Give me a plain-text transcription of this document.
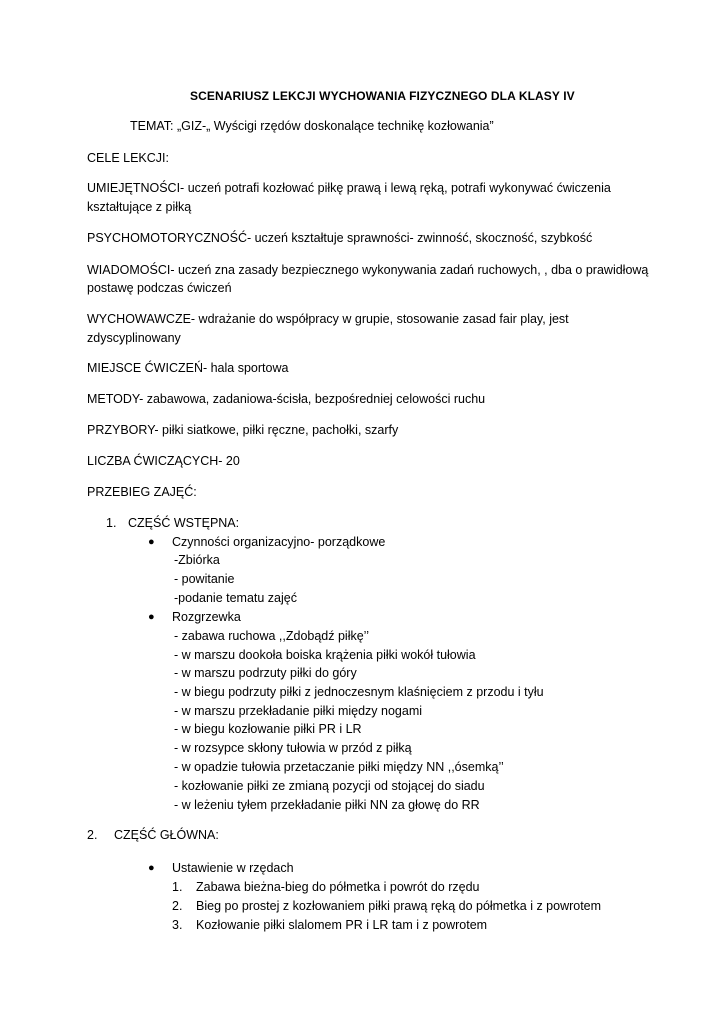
SCENARIUSZ LEKCJI WYCHOWANIA FIZYCZNEGO DLA KLASY IV
TEMAT: „GIZ-„ Wyścigi rzędów doskonalące technikę kozłowania”
CELE LEKCJI:
UMIEJĘTNOŚCI- uczeń potrafi kozłować piłkę prawą i lewą ręką, potrafi wykonywać ćwiczenia
kształtujące z piłką
PSYCHOMOTORYCZNOŚĆ- uczeń kształtuje sprawności- zwinność, skoczność, szybkość
WIADOMOŚCI- uczeń zna zasady bezpiecznego wykonywania zadań ruchowych, , dba o prawidłową
postawę podczas ćwiczeń
WYCHOWAWCZE- wdrażanie do współpracy w grupie, stosowanie zasad fair play, jest
zdyscyplinowany
MIEJSCE ĆWICZEŃ- hala sportowa
METODY- zabawowa, zadaniowa-ścisła, bezpośredniej celowości ruchu
PRZYBORY- piłki siatkowe, piłki ręczne, pachołki, szarfy
LICZBA ĆWICZĄCYCH- 20
PRZEBIEG ZAJĘĆ:
1. CZĘŚĆ WSTĘPNA:
● Czynności organizacyjno- porządkowe
-Zbiórka
- powitanie
-podanie tematu zajęć
● Rozgrzewka
- zabawa ruchowa ,,Zdobądź piłkę’’
- w marszu dookoła boiska krążenia piłki wokół tułowia
- w marszu podrzuty piłki do góry
- w biegu podrzuty piłki z jednoczesnym klaśnięciem z przodu i tyłu
- w marszu przekładanie piłki między nogami
- w biegu kozłowanie piłki PR i LR
- w rozsypce skłony tułowia w przód z piłką
- w opadzie tułowia przetaczanie piłki między NN ,,ósemką’’
- kozłowanie piłki ze zmianą pozycji od stojącej do siadu
- w leżeniu tyłem przekładanie piłki NN za głowę do RR
2. CZĘŚĆ GŁÓWNA:
● Ustawienie w rzędach
1. Zabawa bieżna-bieg do półmetka i powrót do rzędu
2. Bieg po prostej z kozłowaniem piłki prawą ręką do półmetka i z powrotem
3. Kozłowanie piłki slalomem PR i LR tam i z powrotem
